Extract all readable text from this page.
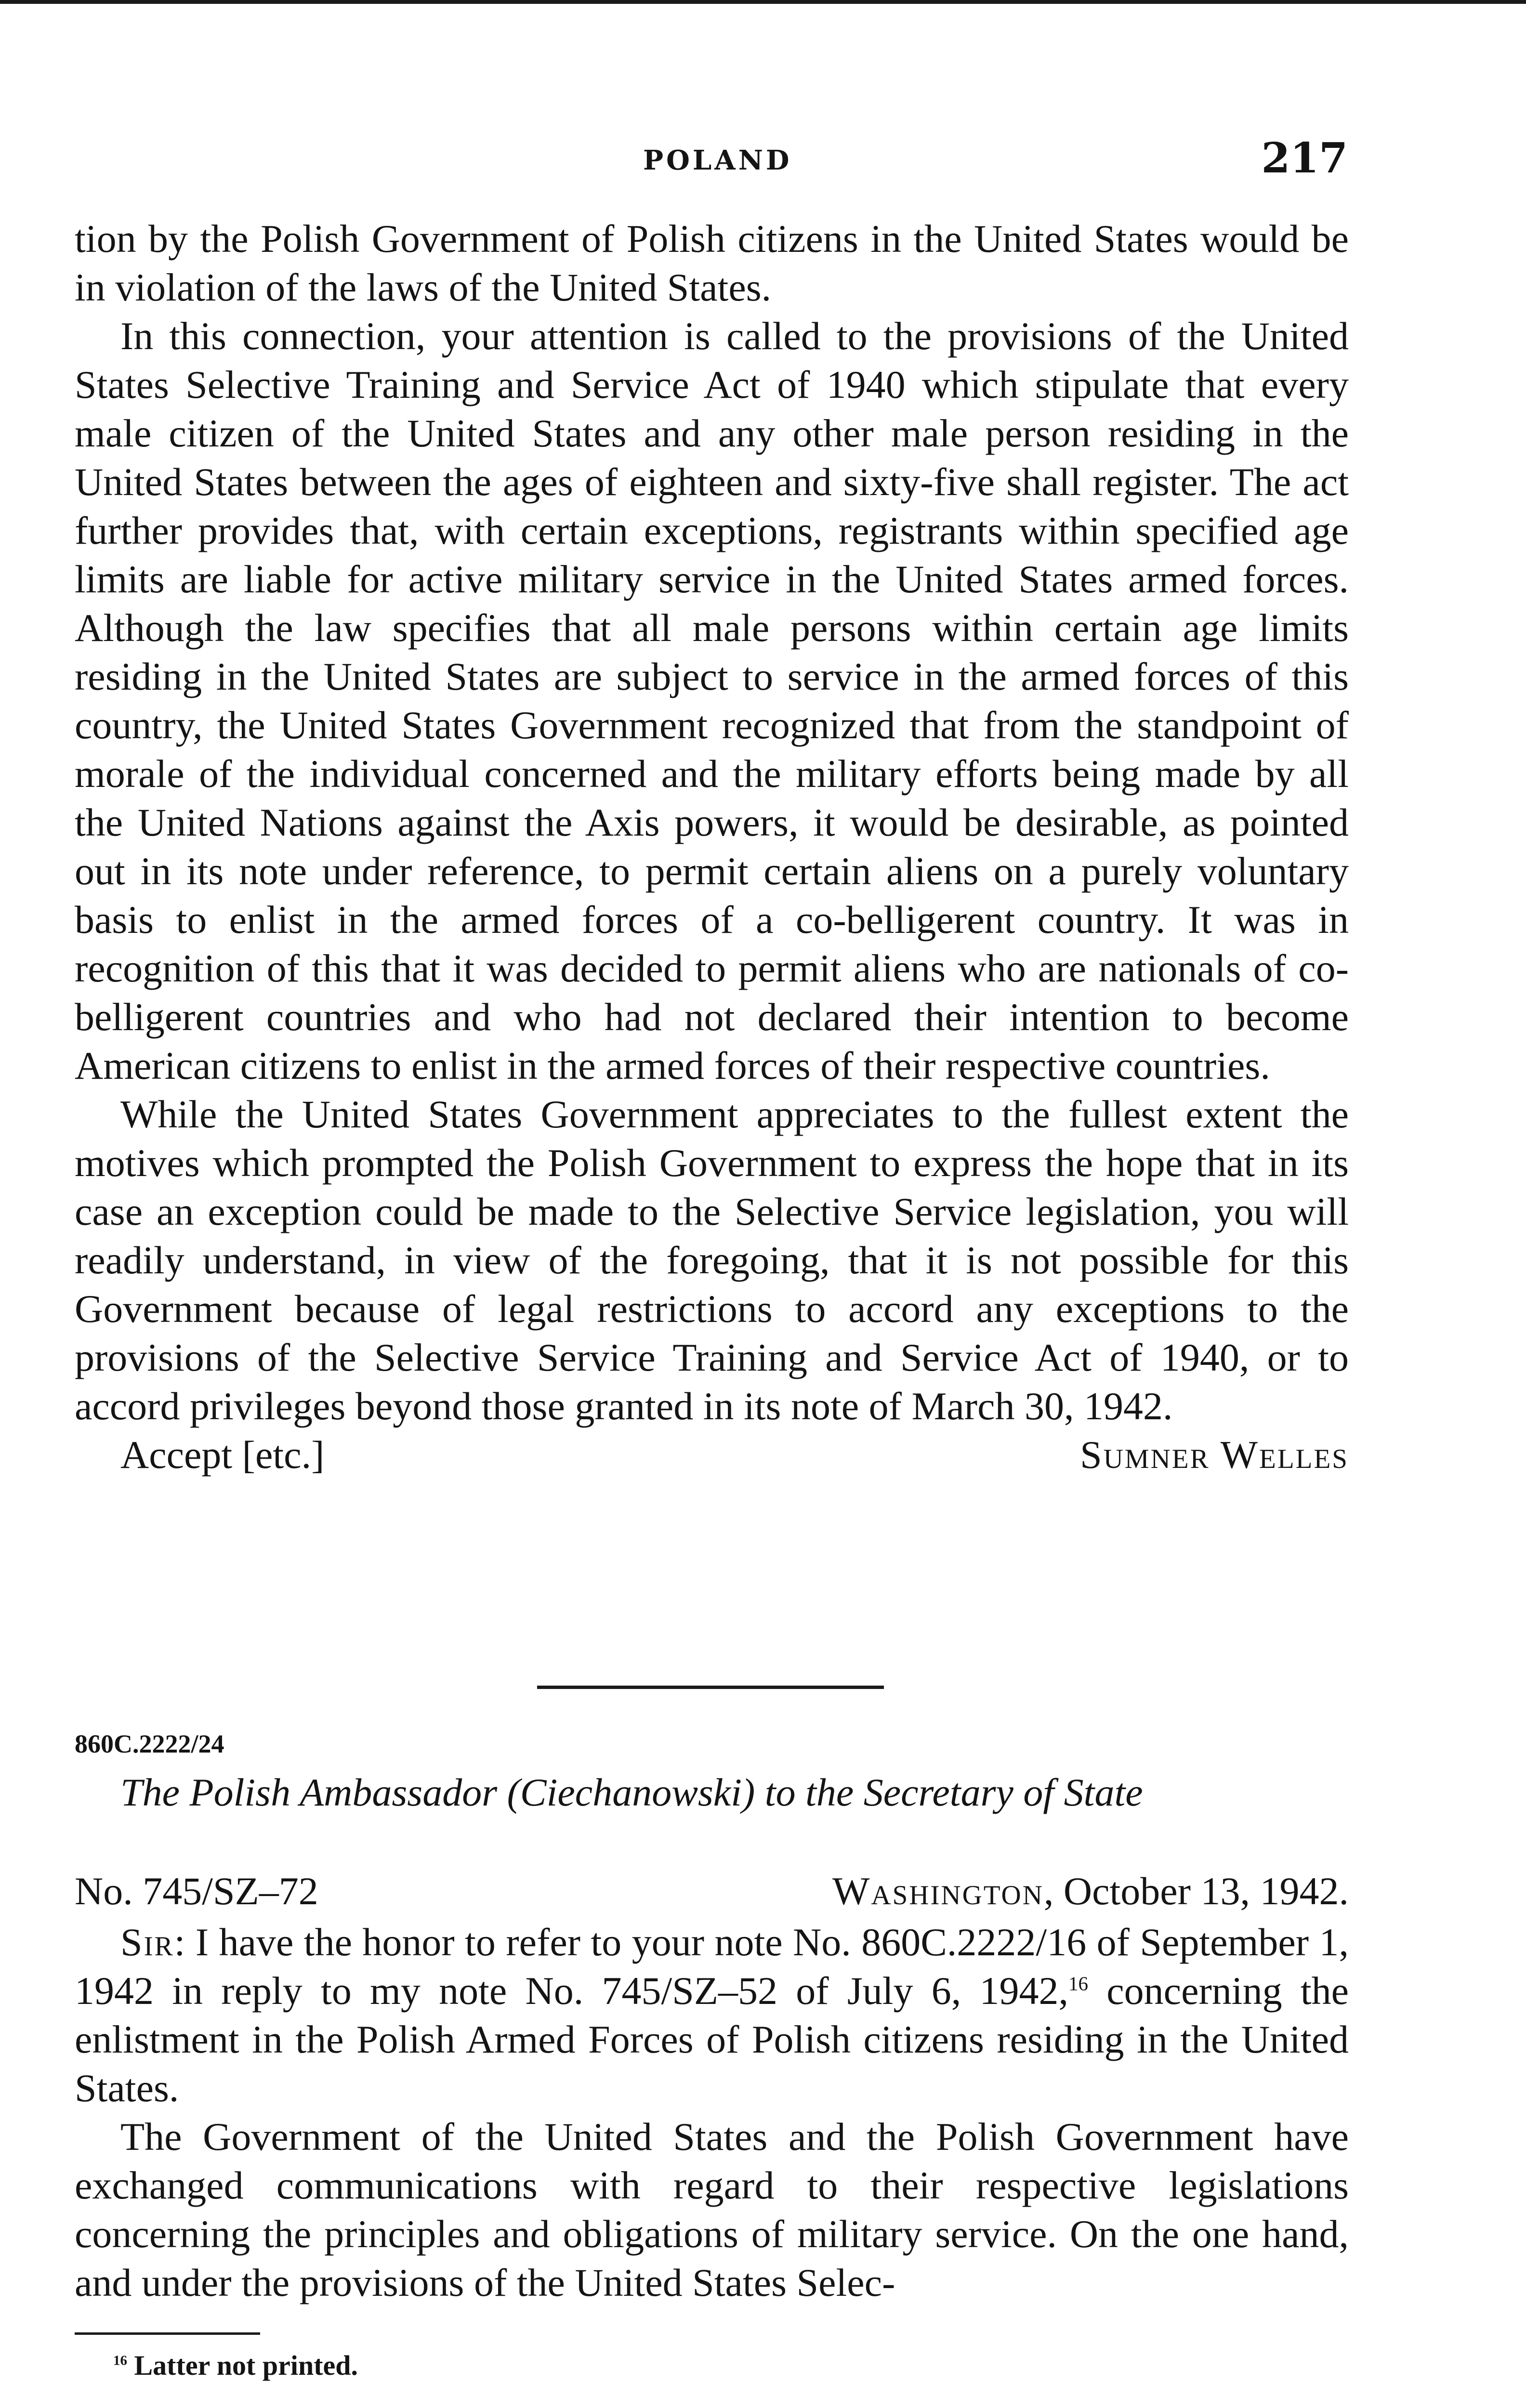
POLAND	217

tion by the Polish Government of Polish citizens in the United States would be in violation of the laws of the United States.

In this connection, your attention is called to the provisions of the United States Selective Training and Service Act of 1940 which stipulate that every male citizen of the United States and any other male person residing in the United States between the ages of eighteen and sixty-five shall register. The act further provides that, with certain exceptions, registrants within specified age limits are liable for active military service in the United States armed forces. Although the law specifies that all male persons within certain age limits residing in the United States are subject to service in the armed forces of this country, the United States Government recognized that from the standpoint of morale of the individual concerned and the military efforts being made by all the United Nations against the Axis powers, it would be desirable, as pointed out in its note under reference, to permit certain aliens on a purely voluntary basis to enlist in the armed forces of a co-belligerent country. It was in recognition of this that it was decided to permit aliens who are nationals of co-belligerent countries and who had not declared their intention to become American citizens to enlist in the armed forces of their respective countries.

While the United States Government appreciates to the fullest extent the motives which prompted the Polish Government to express the hope that in its case an exception could be made to the Selective Service legislation, you will readily understand, in view of the foregoing, that it is not possible for this Government because of legal restrictions to accord any exceptions to the provisions of the Selective Service Training and Service Act of 1940, or to accord privileges beyond those granted in its note of March 30, 1942.

Accept [etc.]	Sumner Welles
860C.2222/24
The Polish Ambassador (Ciechanowski) to the Secretary of State
No. 745/SZ–72	Washington, October 13, 1942.

Sir: I have the honor to refer to your note No. 860C.2222/16 of September 1, 1942 in reply to my note No. 745/SZ–52 of July 6, 1942,16 concerning the enlistment in the Polish Armed Forces of Polish citizens residing in the United States.

The Government of the United States and the Polish Government have exchanged communications with regard to their respective legislations concerning the principles and obligations of military service. On the one hand, and under the provisions of the United States Selec-

$^{16}$ Latter not printed.
